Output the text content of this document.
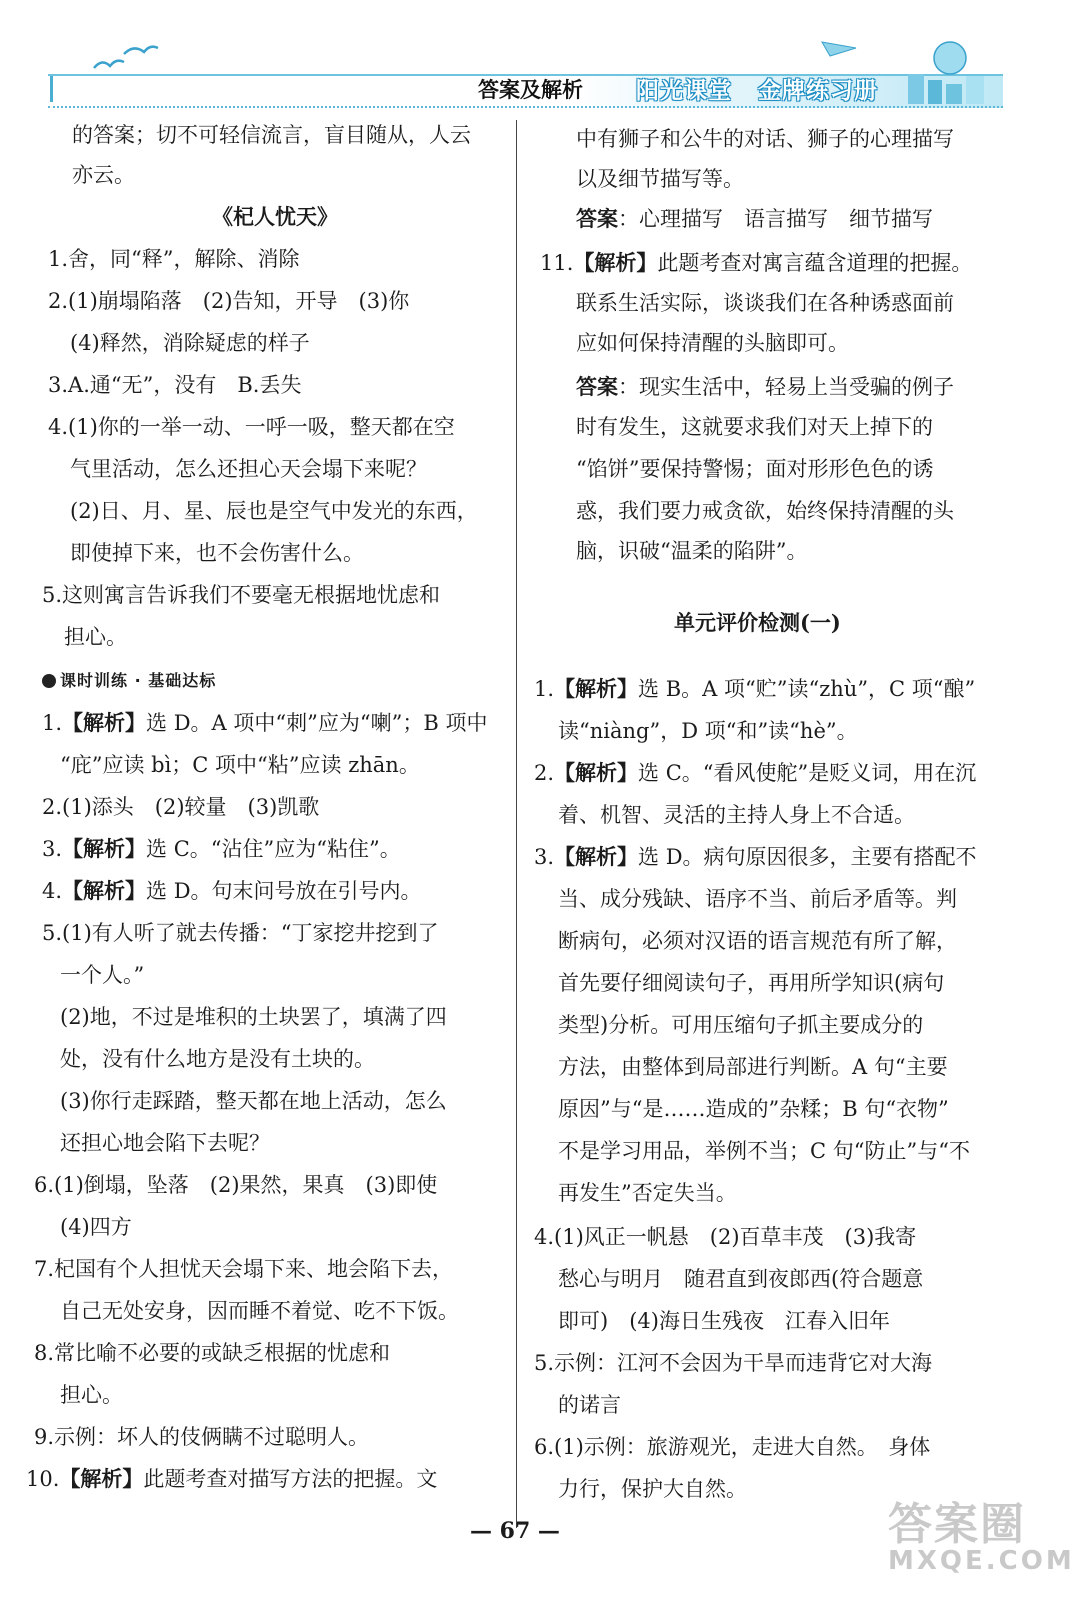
答案及解析 阳光课堂 金牌练习册
的答案；切不可轻信流言，盲目随从，人云
亦云。
《杞人忧天》
1.舍，同“释”，解除、消除
2.(1)崩塌陷落　(2)告知，开导　(3)你
(4)释然，消除疑虑的样子
3.A.通“无”，没有　B.丢失
4.(1)你的一举一动、一呼一吸，整天都在空
气里活动，怎么还担心天会塌下来呢？
(2)日、月、星、辰也是空气中发光的东西，
即使掉下来，也不会伤害什么。
5.这则寓言告诉我们不要毫无根据地忧虑和
担心。
课时训练 · 基础达标
1.【解析】选 D。A 项中“刺”应为“喇”；B 项中
“庇”应读 bì；C 项中“粘”应读 zhān。
2.(1)添头　(2)较量　(3)凯歌
3.【解析】选 C。“沾住”应为“粘住”。
4.【解析】选 D。句末问号放在引号内。
5.(1)有人听了就去传播：“丁家挖井挖到了
一个人。”
(2)地，不过是堆积的土块罢了，填满了四
处，没有什么地方是没有土块的。
(3)你行走踩踏，整天都在地上活动，怎么
还担心地会陷下去呢？
6.(1)倒塌，坠落　(2)果然，果真　(3)即使
(4)四方
7.杞国有个人担忧天会塌下来、地会陷下去，
自己无处安身，因而睡不着觉、吃不下饭。
8.常比喻不必要的或缺乏根据的忧虑和
担心。
9.示例：坏人的伎俩瞒不过聪明人。
10.【解析】此题考查对描写方法的把握。文
中有狮子和公牛的对话、狮子的心理描写
以及细节描写等。
答案：心理描写　语言描写　细节描写
11.【解析】此题考查对寓言蕴含道理的把握。
联系生活实际，谈谈我们在各种诱惑面前
应如何保持清醒的头脑即可。
答案：现实生活中，轻易上当受骗的例子
时有发生，这就要求我们对天上掉下的
“馅饼”要保持警惕；面对形形色色的诱
惑，我们要力戒贪欲，始终保持清醒的头
脑，识破“温柔的陷阱”。
单元评价检测(一)
1.【解析】选 B。A 项“贮”读“zhù”，C 项“酿”
读“niàng”，D 项“和”读“hè”。
2.【解析】选 C。“看风使舵”是贬义词，用在沉
着、机智、灵活的主持人身上不合适。
3.【解析】选 D。病句原因很多，主要有搭配不
当、成分残缺、语序不当、前后矛盾等。判
断病句，必须对汉语的语言规范有所了解，
首先要仔细阅读句子，再用所学知识(病句
类型)分析。可用压缩句子抓主要成分的
方法，由整体到局部进行判断。A 句“主要
原因”与“是……造成的”杂糅；B 句“衣物”
不是学习用品，举例不当；C 句“防止”与“不
再发生”否定失当。
4.(1)风正一帆悬　(2)百草丰茂　(3)我寄
愁心与明月　随君直到夜郎西(符合题意
即可)　(4)海日生残夜　江春入旧年
5.示例：江河不会因为干旱而违背它对大海
的诺言
6.(1)示例：旅游观光，走进大自然。　身体
力行，保护大自然。
— 67 —	答案圈
MXQE.COM
